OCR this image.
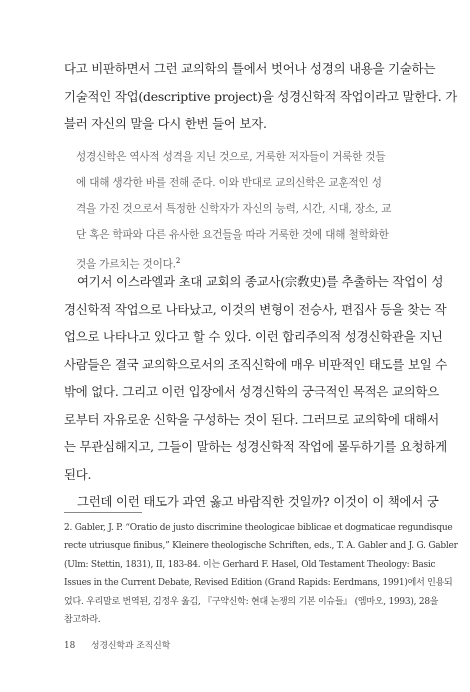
다고 비판하면서 그런 교의학의 틀에서 벗어나 성경의 내용을 기술하는
기술적인 작업(descriptive project)을 성경신학적 작업이라고 말한다. 가
블러 자신의 말을 다시 한번 들어 보자.

성경신학은 역사적 성격을 지닌 것으로, 거룩한 저자들이 거룩한 것들
에 대해 생각한 바를 전해 준다. 이와 반대로 교의신학은 교훈적인 성
격을 가진 것으로서 특정한 신학자가 자신의 능력, 시간, 시대, 장소, 교
단 혹은 학파와 다른 유사한 요건들을 따라 거룩한 것에 대해 철학화한
것을 가르치는 것이다.$^2$

여기서 이스라엘과 초대 교회의 종교사(宗敎史)를 추출하는 작업이 성
경신학적 작업으로 나타났고, 이것의 변형이 전승사, 편집사 등을 찾는 작
업으로 나타나고 있다고 할 수 있다. 이런 합리주의적 성경신학관을 지닌
사람들은 결국 교의학으로서의 조직신학에 매우 비판적인 태도를 보일 수
밖에 없다. 그리고 이런 입장에서 성경신학의 궁극적인 목적은 교의학으
로부터 자유로운 신학을 구성하는 것이 된다. 그러므로 교의학에 대해서
는 무관심해지고, 그들이 말하는 성경신학적 작업에 몰두하기를 요청하게
된다.

그런데 이런 태도가 과연 옳고 바람직한 것일까? 이것이 이 책에서 궁

2. Gabler, J. P. “Oratio de justo discrimine theologicae biblicae et dogmaticae regundisque
recte utriusque finibus,” Kleinere theologische Schriften, eds., T. A. Gabler and J. G. Gabler
(Ulm: Stettin, 1831), II, 183-84. 이는 Gerhard F. Hasel, Old Testament Theology: Basic
Issues in the Current Debate, Revised Edition (Grand Rapids: Eerdmans, 1991)에서 인용되
었다. 우리말로 번역된, 김정우 옮김, 『구약신학: 현대 논쟁의 기본 이슈들』 (엠마오, 1993), 28을
참고하라.

18 성경신학과 조직신학
